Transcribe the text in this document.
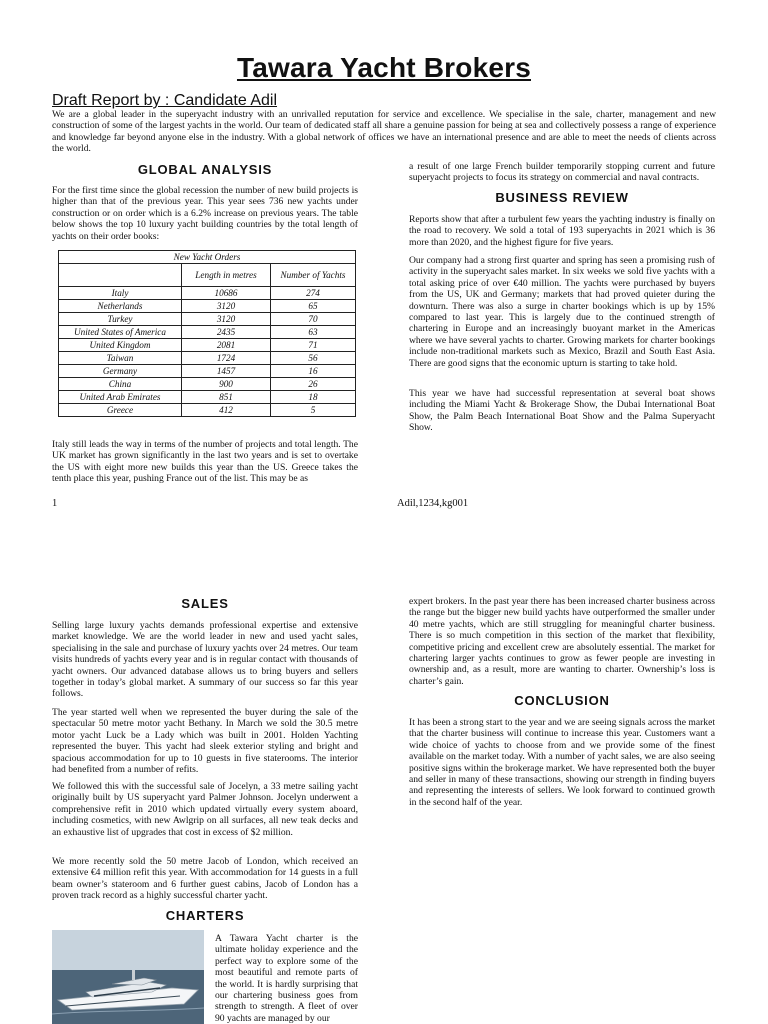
Tawara Yacht Brokers
Draft Report by : Candidate Adil

We are a global leader in the superyacht industry with an unrivalled reputation for service and excellence. We specialise in the sale, charter, management and new construction of some of the largest yachts in the world. Our team of dedicated staff all share a genuine passion for being at sea and collectively possess a range of experience and knowledge far beyond anyone else in the industry. With a global network of offices we have an international presence and are able to meet the needs of clients across the world.

GLOBAL ANALYSIS

For the first time since the global recession the number of new build projects is higher than that of the previous year. This year sees 736 new yachts under construction or on order which is a 6.2% increase on previous years. The table below shows the top 10 luxury yacht building countries by the total length of yachts on their order books:

New Yacht Orders		
	Length in metres	Number of Yachts
Italy	10686	274
Netherlands	3120	65
Turkey	3120	70
United States of America	2435	63
United Kingdom	2081	71
Taiwan	1724	56
Germany	1457	16
China	900	26
United Arab Emirates	851	18
Greece	412	5

Italy still leads the way in terms of the number of projects and total length. The UK market has grown significantly in the last two years and is set to overtake the US with eight more new builds this year than the US. Greece takes the tenth place this year, pushing France out of the list. This may be as

a result of one large French builder temporarily stopping current and future superyacht projects to focus its strategy on commercial and naval contracts.

BUSINESS REVIEW

Reports show that after a turbulent few years the yachting industry is finally on the road to recovery. We sold a total of 193 superyachts in 2021 which is 36 more than 2020, and the highest figure for five years.

Our company had a strong first quarter and spring has seen a promising rush of activity in the superyacht sales market. In six weeks we sold five yachts with a total asking price of over €40 million. The yachts were purchased by buyers from the US, UK and Germany; markets that had proved quieter during the downturn. There was also a surge in charter bookings which is up by 15% compared to last year. This is largely due to the continued strength of chartering in Europe and an increasingly buoyant market in the Americas where we have several yachts to charter. Growing markets for charter bookings include non-traditional markets such as Mexico, Brazil and South East Asia. There are good signs that the economic upturn is starting to take hold.

This year we have had successful representation at several boat shows including the Miami Yacht & Brokerage Show, the Dubai International Boat Show, the Palm Beach International Boat Show and the Palma Superyacht Show.

1	Adil,1234,kg001
SALES

Selling large luxury yachts demands professional expertise and extensive market knowledge. We are the world leader in new and used yacht sales, specialising in the sale and purchase of luxury yachts over 24 metres. Our team visits hundreds of yachts every year and is in regular contact with thousands of yacht owners. Our advanced database allows us to bring buyers and sellers together in today’s global market. A summary of our success so far this year follows.

The year started well when we represented the buyer during the sale of the spectacular 50 metre motor yacht Bethany. In March we sold the 30.5 metre motor yacht Luck be a Lady which was built in 2001. Holden Yachting represented the buyer. This yacht had sleek exterior styling and bright and spacious accommodation for up to 10 guests in five staterooms. The interior had benefited from a number of refits.

We followed this with the successful sale of Jocelyn, a 33 metre sailing yacht originally built by US superyacht yard Palmer Johnson. Jocelyn underwent a comprehensive refit in 2010 which updated virtually every system aboard, including cosmetics, with new Awlgrip on all surfaces, all new teak decks and an exhaustive list of upgrades that cost in excess of $2 million.

We more recently sold the 50 metre Jacob of London, which received an extensive €4 million refit this year. With accommodation for 14 guests in a full beam owner’s stateroom and 6 further guest cabins, Jacob of London has a proven track record as a highly successful charter yacht.

CHARTERS

A Tawara Yacht charter is the ultimate holiday experience and the perfect way to explore some of the most beautiful and remote parts of the world. It is hardly surprising that our chartering business goes from strength to strength. A fleet of over 90 yachts are managed by our

expert brokers. In the past year there has been increased charter business across the range but the bigger new build yachts have outperformed the smaller under 40 metre yachts, which are still struggling for meaningful charter business. There is so much competition in this section of the market that flexibility, competitive pricing and excellent crew are absolutely essential. The market for chartering larger yachts continues to grow as fewer people are investing in ownership and, as a result, more are wanting to charter. Ownership’s loss is charter’s gain.

CONCLUSION

It has been a strong start to the year and we are seeing signals across the market that the charter business will continue to increase this year. Customers want a wide choice of yachts to choose from and we provide some of the finest available on the market today. With a number of yacht sales, we are also seeing positive signs within the brokerage market. We have represented both the buyer and seller in many of these transactions, showing our strength in finding buyers and representing the interests of sellers. We look forward to continued growth in the second half of the year.
